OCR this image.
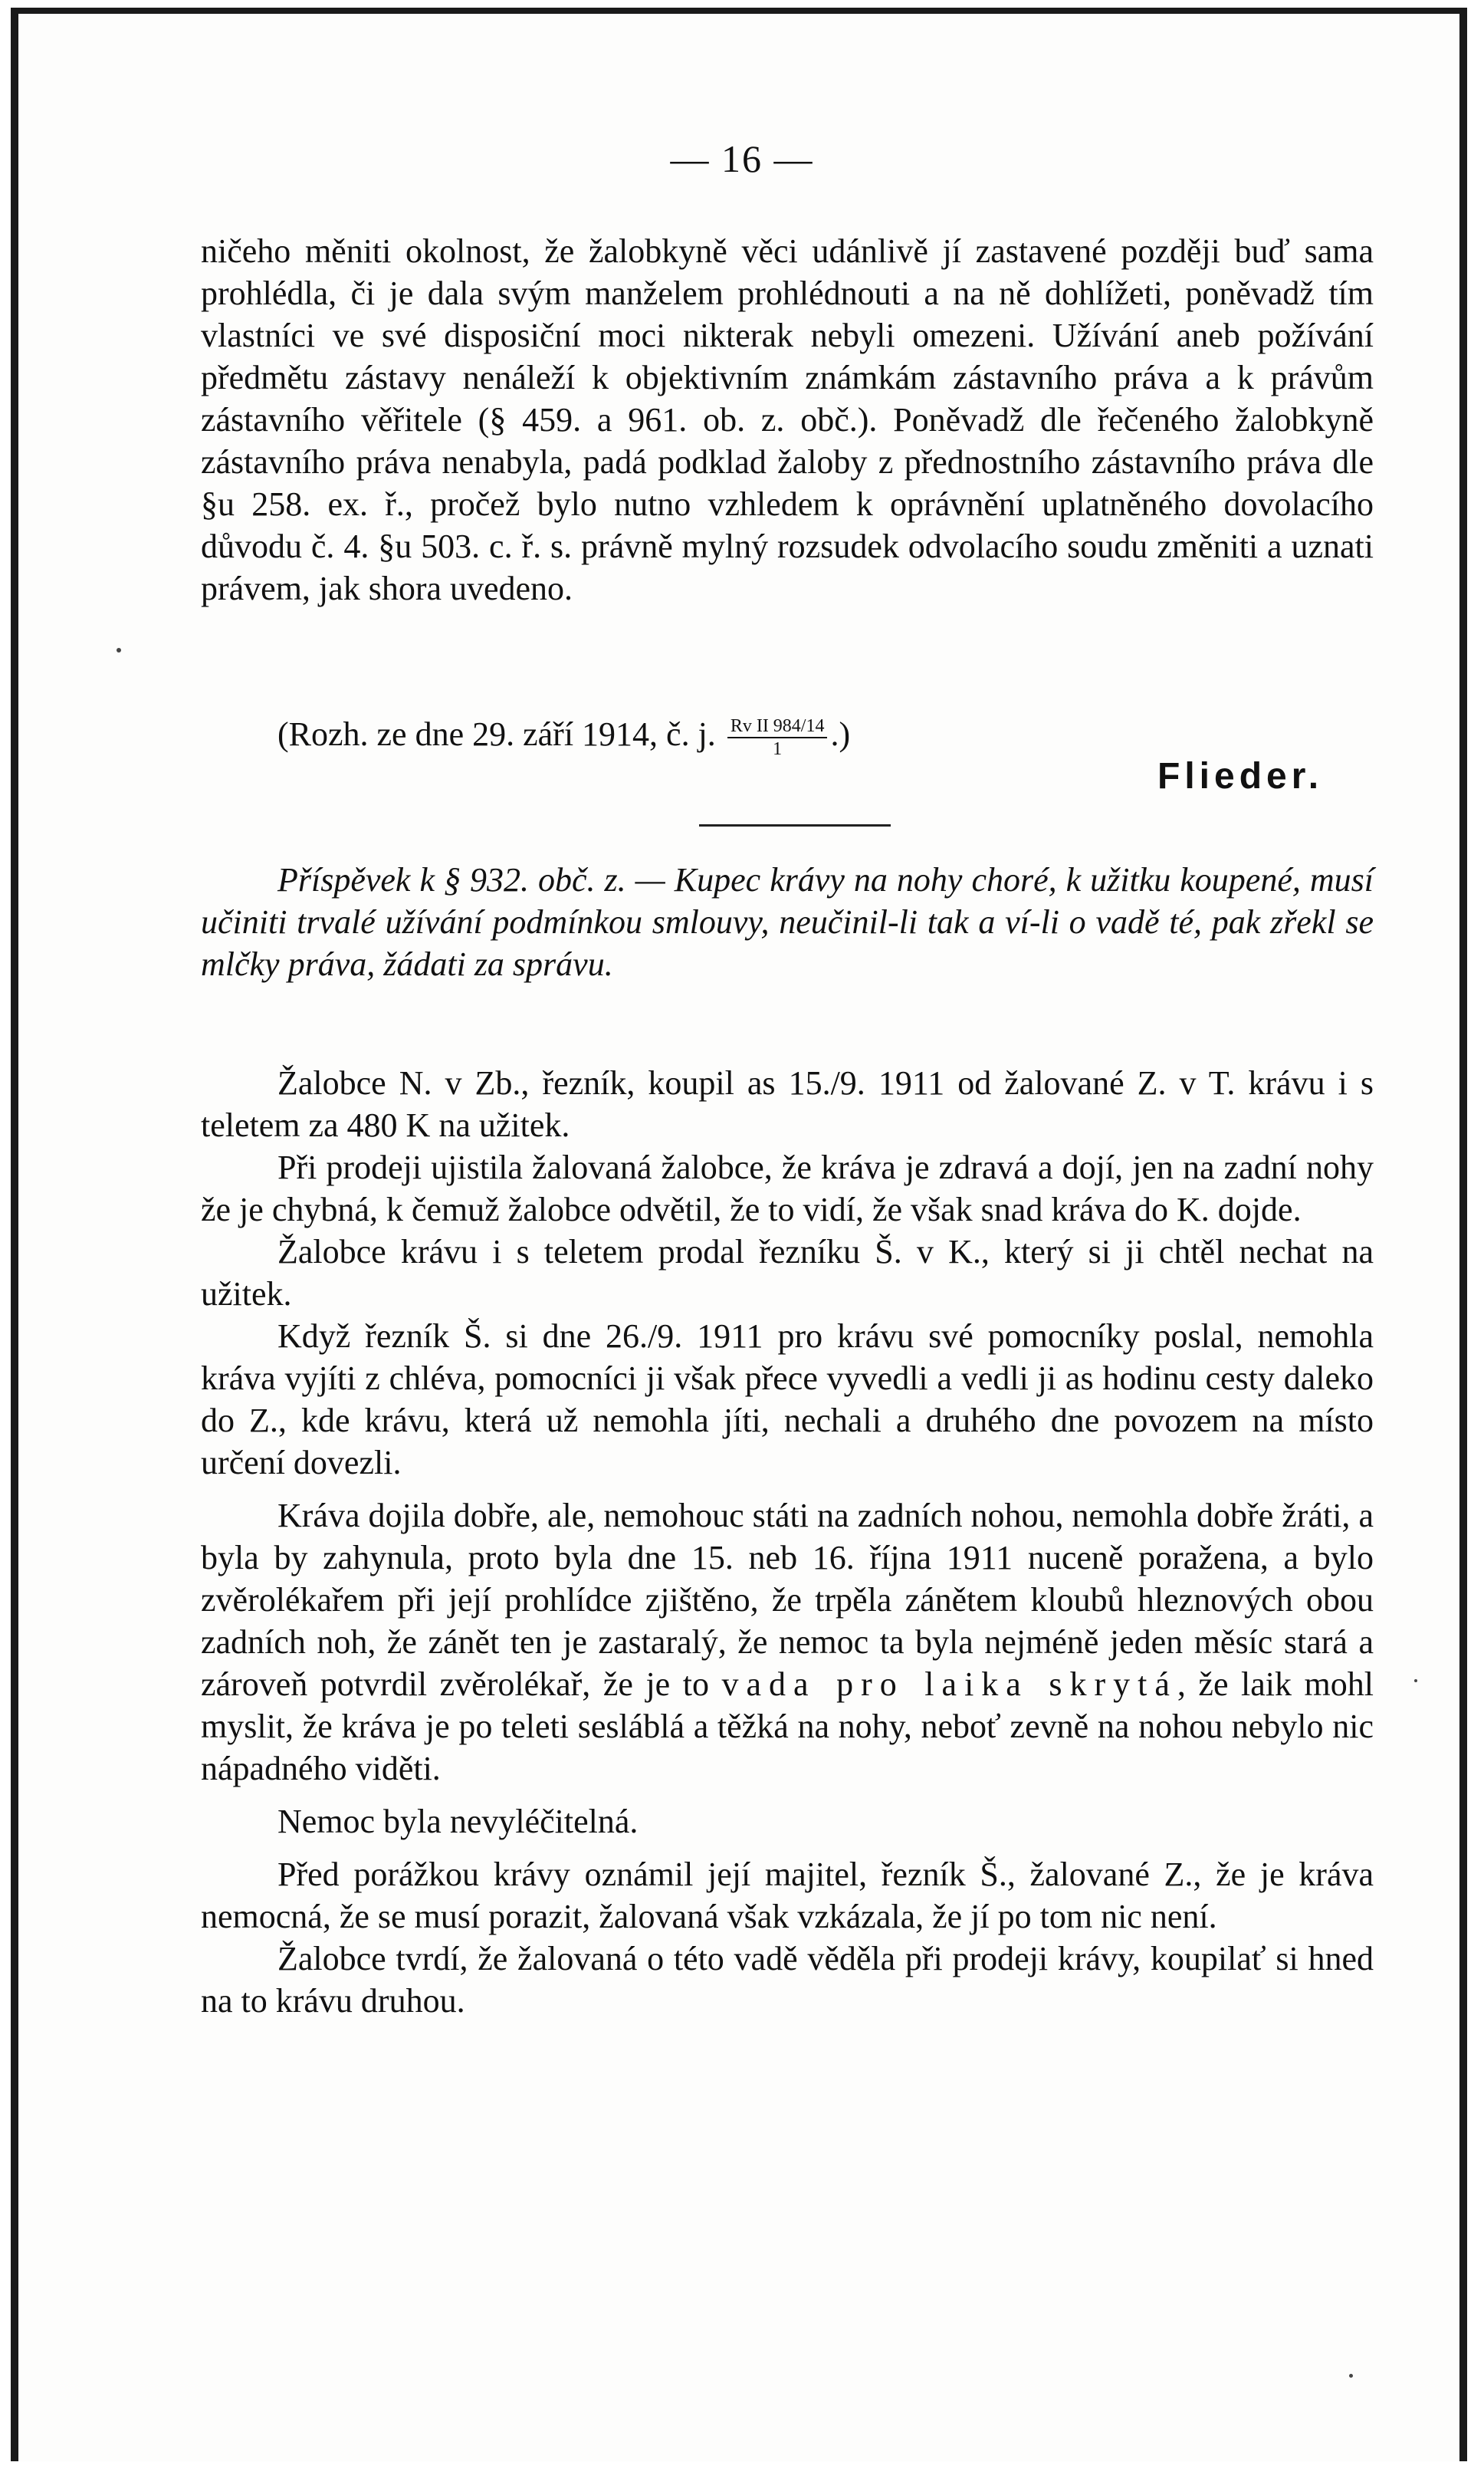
— 16 —

ničeho měniti okolnost, že žalobkyně věci udánlivě jí zastavené později buď sama prohlédla, či je dala svým manželem prohlédnouti a na ně dohlížeti, poněvadž tím vlastníci ve své disposiční moci nikterak nebyli omezeni. Užívání aneb požívání předmětu zástavy nenáleží k objektivním známkám zástavního práva a k právům zástavního věřitele (§ 459. a 961. ob. z. obč.). Poněvadž dle řečeného žalobkyně zástavního práva nenabyla, padá podklad žaloby z přednostního zástavního práva dle §u 258. ex. ř., pročež bylo nutno vzhledem k oprávnění uplatněného dovolacího důvodu č. 4. §u 503. c. ř. s. právně mylný rozsudek odvolacího soudu změniti a uznati právem, jak shora uvedeno.

(Rozh. ze dne 29. září 1914, č. j. $\frac{\text{Rv II 984/14}}{1}$ .)
Flieder.

Příspěvek k § 932. obč. z. — Kupec krávy na nohy choré, k užitku koupené, musí učiniti trvalé užívání podmínkou smlouvy, neučinil-li tak a ví-li o vadě té, pak zřekl se mlčky práva, žádati za správu.

Žalobce N. v Zb., řezník, koupil as 15./9. 1911 od žalované Z. v T. krávu i s teletem za 480 K na užitek.

Při prodeji ujistila žalovaná žalobce, že kráva je zdravá a dojí, jen na zadní nohy že je chybná, k čemuž žalobce odvětil, že to vidí, že však snad kráva do K. dojde.

Žalobce krávu i s teletem prodal řezníku Š. v K., který si ji chtěl nechat na užitek.

Když řezník Š. si dne 26./9. 1911 pro krávu své pomocníky poslal, nemohla kráva vyjíti z chléva, pomocníci ji však přece vyvedli a vedli ji as hodinu cesty daleko do Z., kde krávu, která už nemohla jíti, nechali a druhého dne povozem na místo určení dovezli.

Kráva dojila dobře, ale, nemohouc státi na zadních nohou, nemohla dobře žráti, a byla by zahynula, proto byla dne 15. neb 16. října 1911 nuceně poražena, a bylo zvěrolékařem při její prohlídce zjištěno, že trpěla zánětem kloubů hleznových obou zadních noh, že zánět ten je zastaralý, že nemoc ta byla nejméně jeden měsíc stará a zároveň potvrdil zvěrolékař, že je to vada pro laika skrytá, že laik mohl myslit, že kráva je po teleti sesláblá a těžká na nohy, neboť zevně na nohou nebylo nic nápadného viděti.

Nemoc byla nevyléčitelná.

Před porážkou krávy oznámil její majitel, řezník Š., žalované Z., že je kráva nemocná, že se musí porazit, žalovaná však vzkázala, že jí po tom nic není.

Žalobce tvrdí, že žalovaná o této vadě věděla při prodeji krávy, koupilať si hned na to krávu druhou.
